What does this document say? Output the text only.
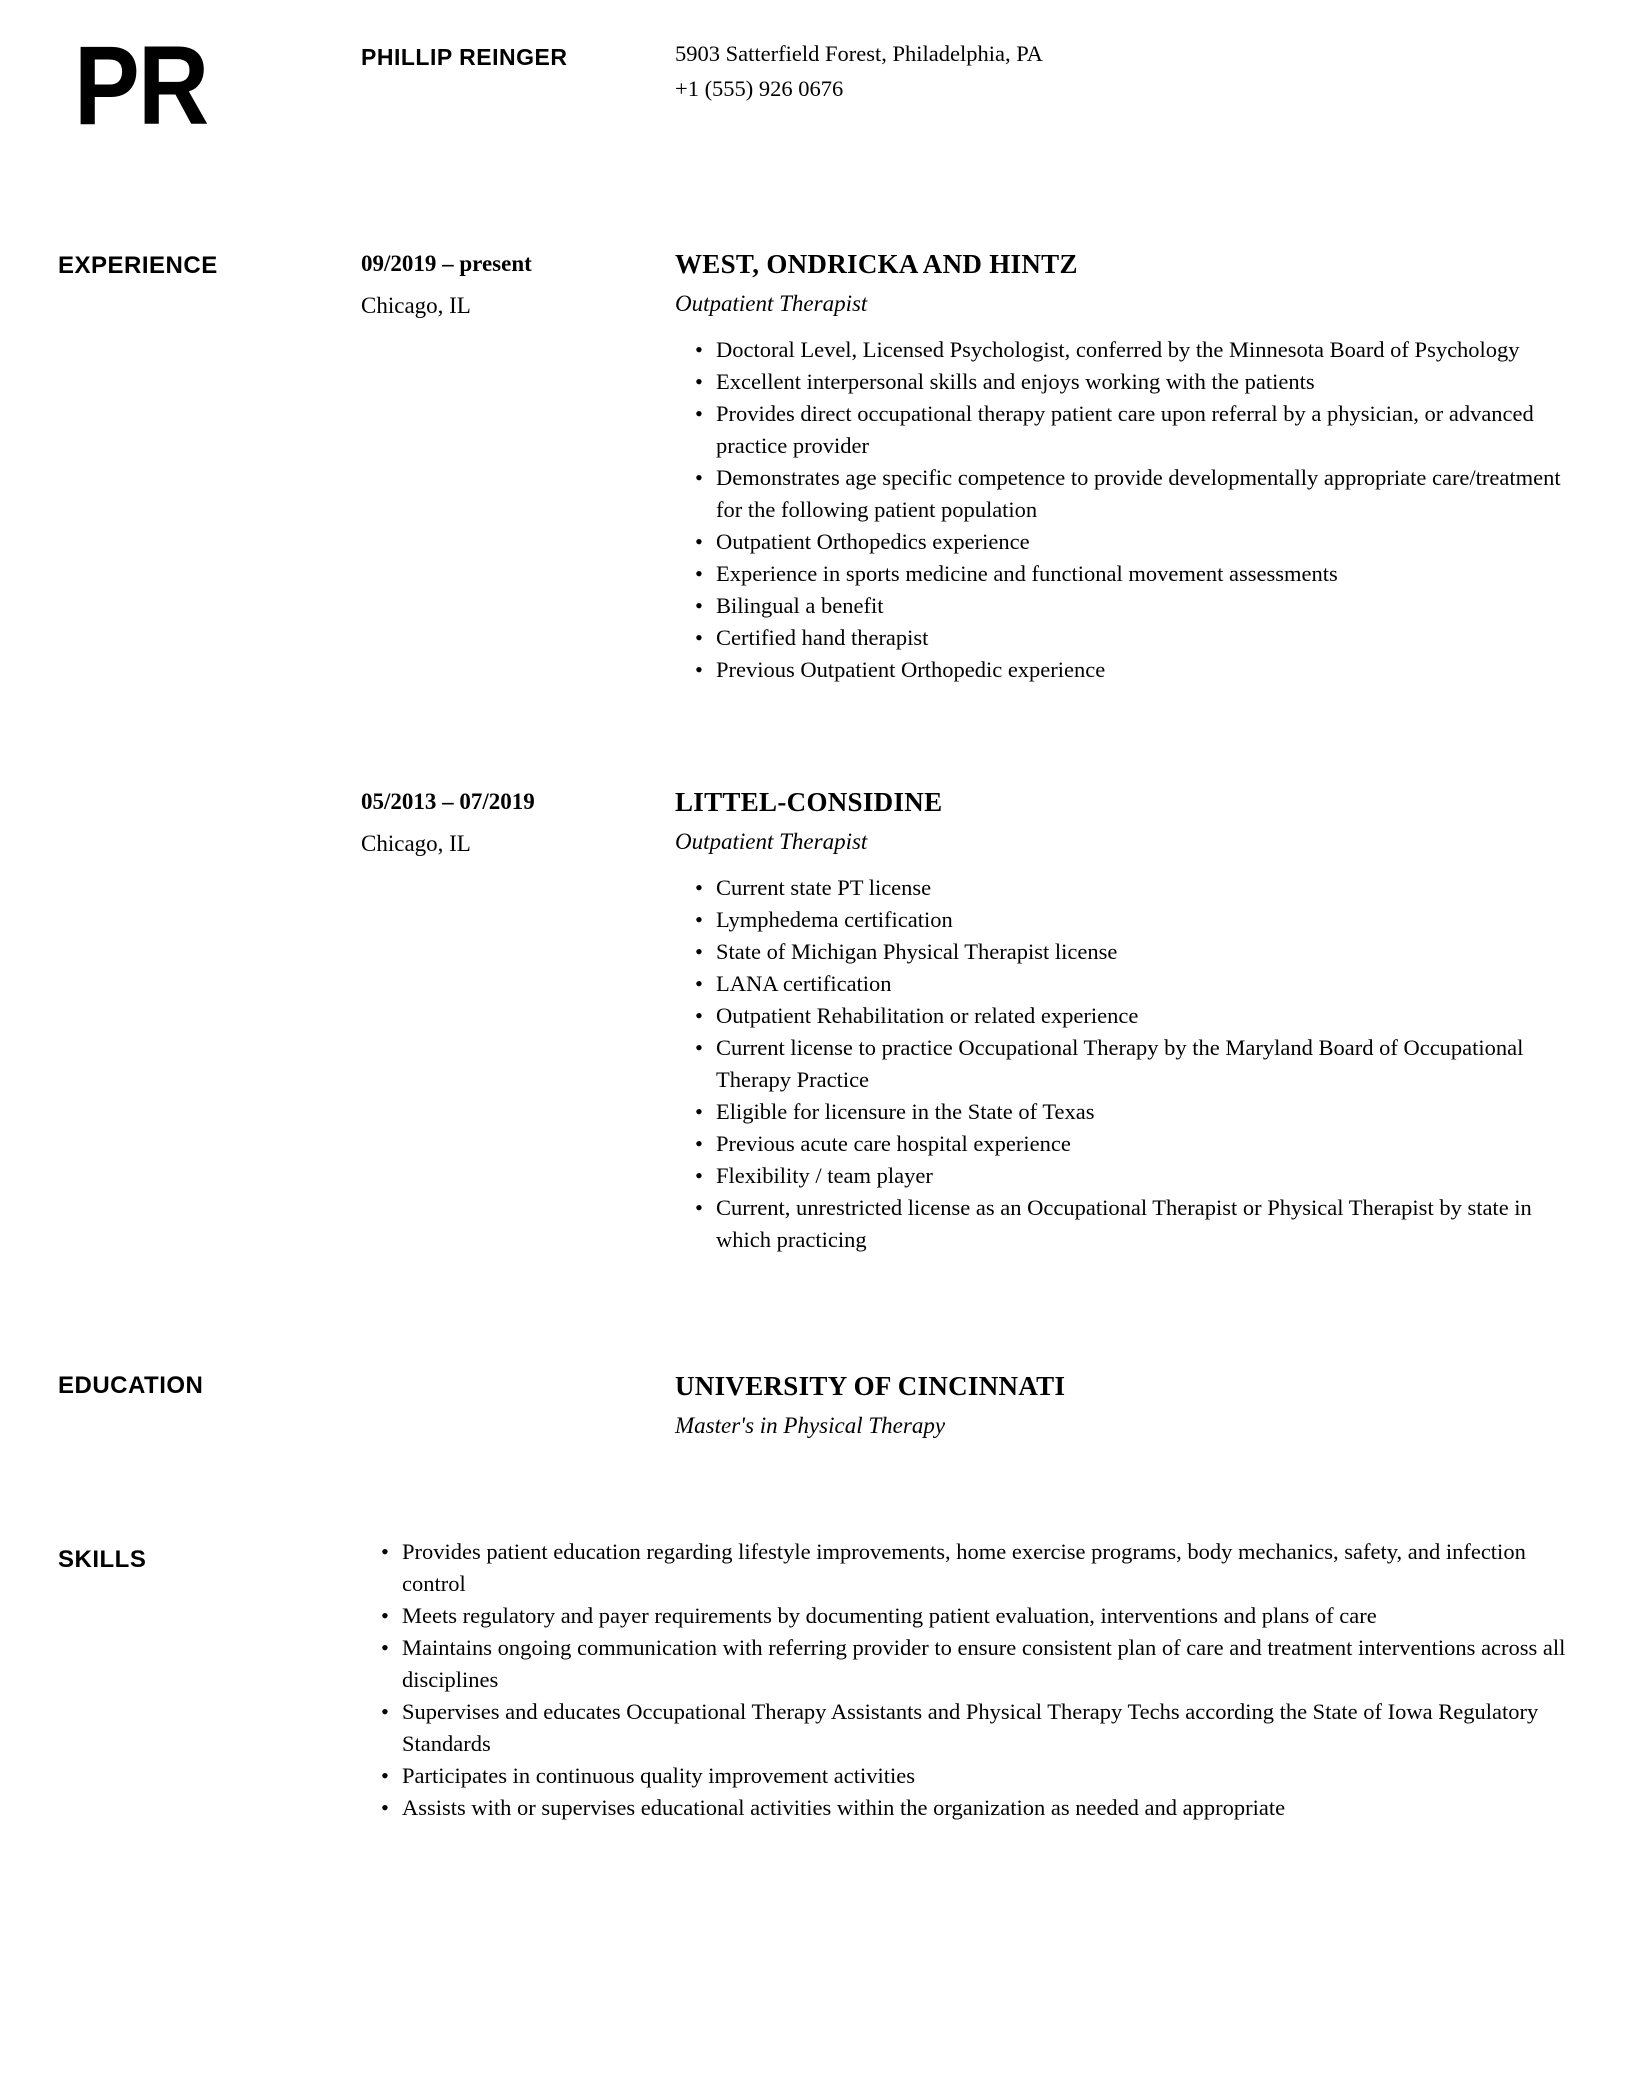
PR	PHILLIP REINGER	5903 Satterfield Forest, Philadelphia, PA
+1 (555) 926 0676
EXPERIENCE
EDUCATION
SKILLS
09/2019 – present
Chicago, IL
WEST, ONDRICKA AND HINTZ
Outpatient Therapist
• Doctoral Level, Licensed Psychologist, conferred by the Minnesota Board of Psychology
• Excellent interpersonal skills and enjoys working with the patients
• Provides direct occupational therapy patient care upon referral by a physician, or advanced practice provider
• Demonstrates age specific competence to provide developmentally appropriate care/treatment for the following patient population
• Outpatient Orthopedics experience
• Experience in sports medicine and functional movement assessments
• Bilingual a benefit
• Certified hand therapist
• Previous Outpatient Orthopedic experience
05/2013 – 07/2019
Chicago, IL
LITTEL-CONSIDINE
Outpatient Therapist
• Current state PT license
• Lymphedema certification
• State of Michigan Physical Therapist license
• LANA certification
• Outpatient Rehabilitation or related experience
• Current license to practice Occupational Therapy by the Maryland Board of Occupational Therapy Practice
• Eligible for licensure in the State of Texas
• Previous acute care hospital experience
• Flexibility / team player
• Current, unrestricted license as an Occupational Therapist or Physical Therapist by state in which practicing
UNIVERSITY OF CINCINNATI
Master's in Physical Therapy
• Provides patient education regarding lifestyle improvements, home exercise programs, body mechanics, safety, and infection control
• Meets regulatory and payer requirements by documenting patient evaluation, interventions and plans of care
• Maintains ongoing communication with referring provider to ensure consistent plan of care and treatment interventions across all disciplines
• Supervises and educates Occupational Therapy Assistants and Physical Therapy Techs according the State of Iowa Regulatory Standards
• Participates in continuous quality improvement activities
• Assists with or supervises educational activities within the organization as needed and appropriate
